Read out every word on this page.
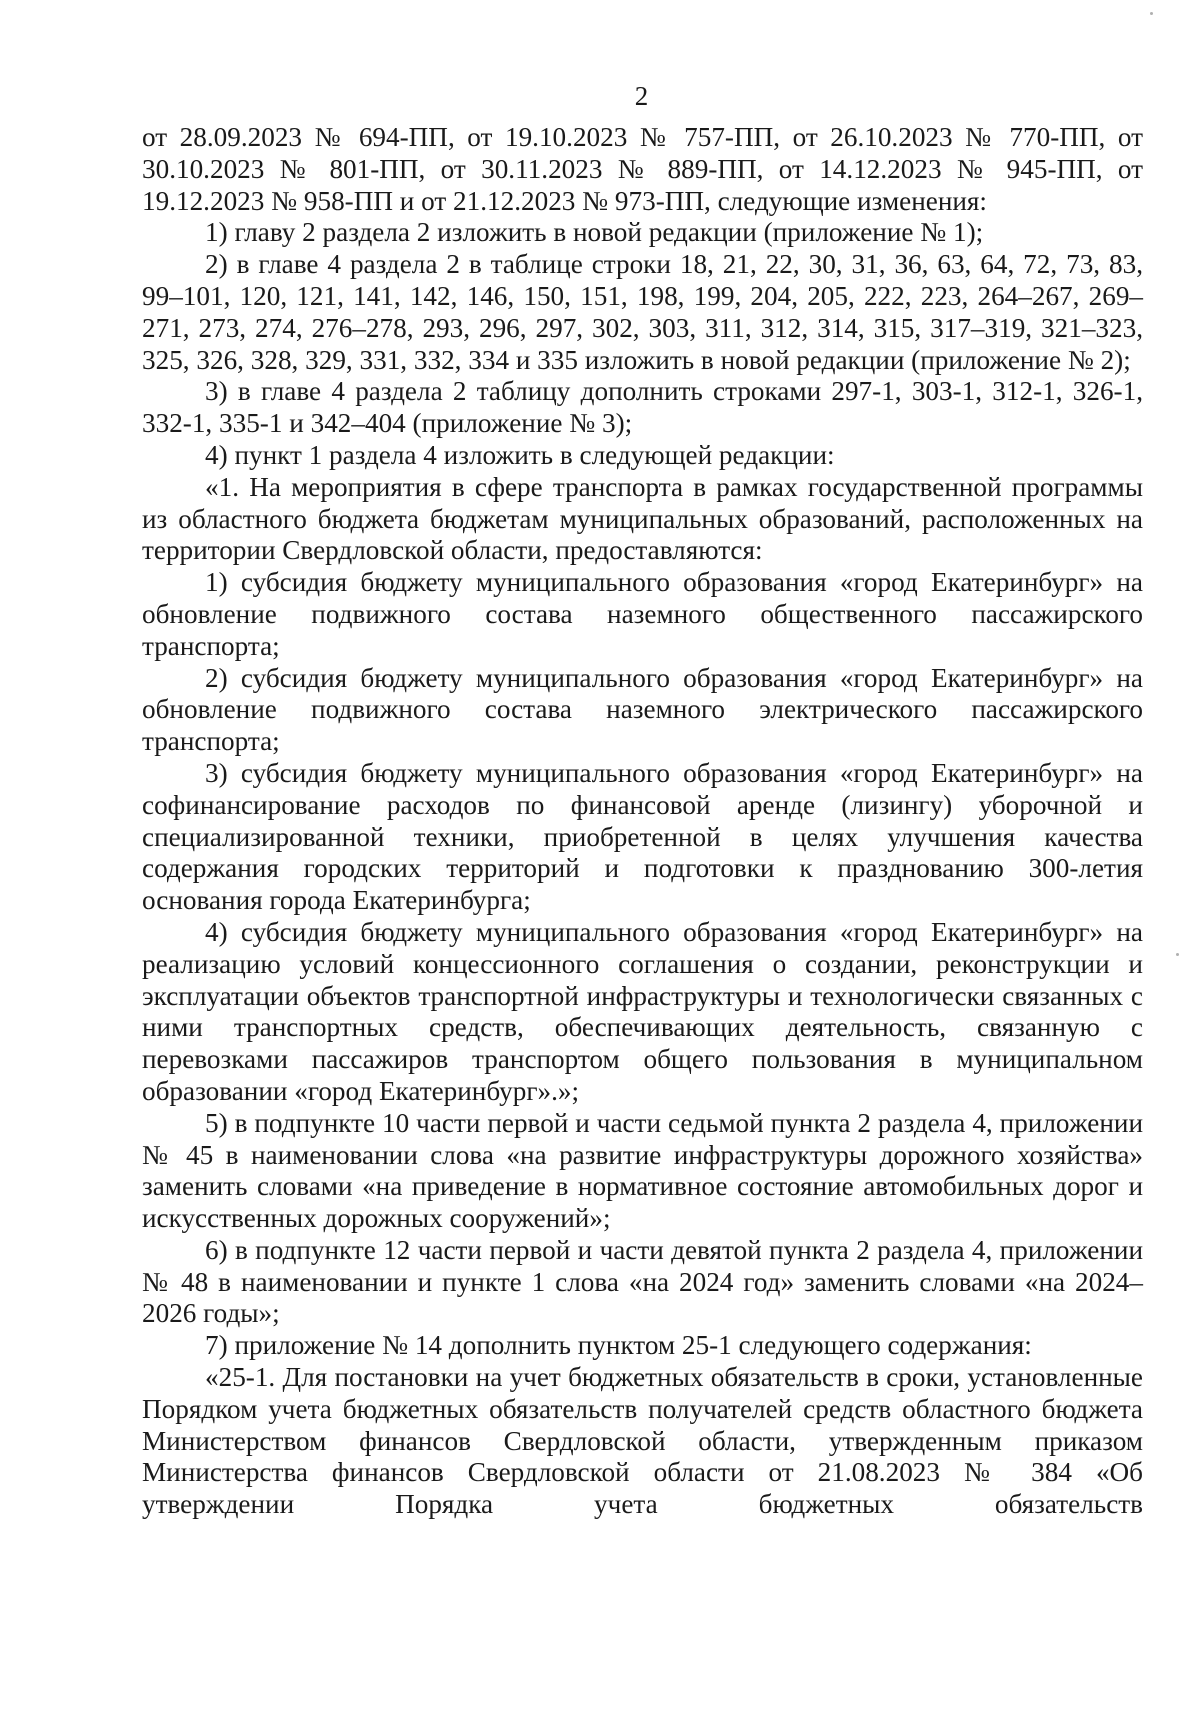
2

от 28.09.2023 № 694-ПП, от 19.10.2023 № 757-ПП, от 26.10.2023 № 770-ПП, от 30.10.2023 № 801-ПП, от 30.11.2023 № 889-ПП, от 14.12.2023 № 945-ПП, от 19.12.2023 № 958-ПП и от 21.12.2023 № 973-ПП, следующие изменения:

1) главу 2 раздела 2 изложить в новой редакции (приложение № 1);

2) в главе 4 раздела 2 в таблице строки 18, 21, 22, 30, 31, 36, 63, 64, 72, 73, 83, 99–101, 120, 121, 141, 142, 146, 150, 151, 198, 199, 204, 205, 222, 223, 264–267, 269–271, 273, 274, 276–278, 293, 296, 297, 302, 303, 311, 312, 314, 315, 317–319, 321–323, 325, 326, 328, 329, 331, 332, 334 и 335 изложить в новой редакции (приложение № 2);

3) в главе 4 раздела 2 таблицу дополнить строками 297-1, 303-1, 312-1, 326-1, 332-1, 335-1 и 342–404 (приложение № 3);

4) пункт 1 раздела 4 изложить в следующей редакции:

«1. На мероприятия в сфере транспорта в рамках государственной программы из областного бюджета бюджетам муниципальных образований, расположенных на территории Свердловской области, предоставляются:

1) субсидия бюджету муниципального образования «город Екатеринбург» на обновление подвижного состава наземного общественного пассажирского транспорта;

2) субсидия бюджету муниципального образования «город Екатеринбург» на обновление подвижного состава наземного электрического пассажирского транспорта;

3) субсидия бюджету муниципального образования «город Екатеринбург» на софинансирование расходов по финансовой аренде (лизингу) уборочной и специализированной техники, приобретенной в целях улучшения качества содержания городских территорий и подготовки к празднованию 300-летия основания города Екатеринбурга;

4) субсидия бюджету муниципального образования «город Екатеринбург» на реализацию условий концессионного соглашения о создании, реконструкции и эксплуатации объектов транспортной инфраструктуры и технологически связанных с ними транспортных средств, обеспечивающих деятельность, связанную с перевозками пассажиров транспортом общего пользования в муниципальном образовании «город Екатеринбург».»;

5) в подпункте 10 части первой и части седьмой пункта 2 раздела 4, приложении № 45 в наименовании слова «на развитие инфраструктуры дорожного хозяйства» заменить словами «на приведение в нормативное состояние автомобильных дорог и искусственных дорожных сооружений»;

6) в подпункте 12 части первой и части девятой пункта 2 раздела 4, приложении № 48 в наименовании и пункте 1 слова «на 2024 год» заменить словами «на 2024–2026 годы»;

7) приложение № 14 дополнить пунктом 25-1 следующего содержания:

«25-1. Для постановки на учет бюджетных обязательств в сроки, установленные Порядком учета бюджетных обязательств получателей средств областного бюджета Министерством финансов Свердловской области, утвержденным приказом Министерства финансов Свердловской области от 21.08.2023 № 384 «Об утверждении Порядка учета бюджетных обязательств
